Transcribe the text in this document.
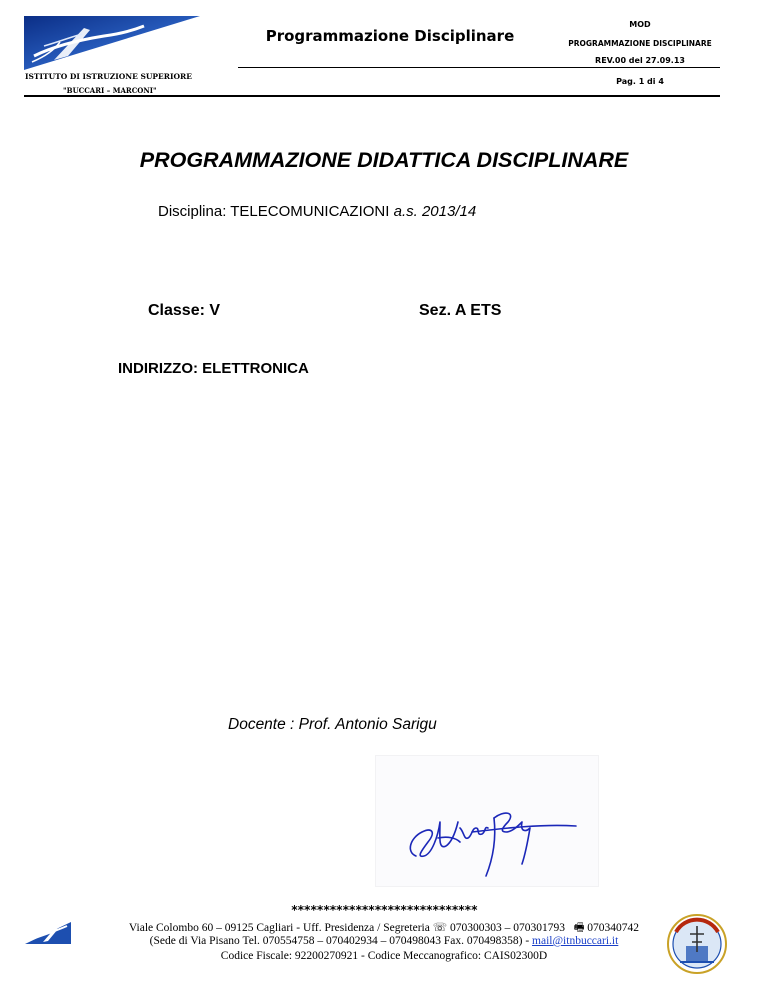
Programmazione Disciplinare
MOD
PROGRAMMAZIONE DISCIPLINARE
REV.00 del 27.09.13
Pag. 1 di 4
ISTITUTO DI ISTRUZIONE SUPERIORE
"BUCCARI – MARCONI"
PROGRAMMAZIONE DIDATTICA DISCIPLINARE
Disciplina: TELECOMUNICAZIONI a.s. 2013/14
Classe: V	Sez. A ETS
INDIRIZZO: ELETTRONICA
Docente : Prof. Antonio Sarigu
*****************************
Viale Colombo 60 – 09125 Cagliari - Uff. Presidenza / Segreteria ☏ 070300303 – 070301793 🖷 070340742
(Sede di Via Pisano Tel. 070554758 – 070402934 – 070498043 Fax. 070498358) - mail@itnbuccari.it
Codice Fiscale: 92200270921 - Codice Meccanografico: CAIS02300D
